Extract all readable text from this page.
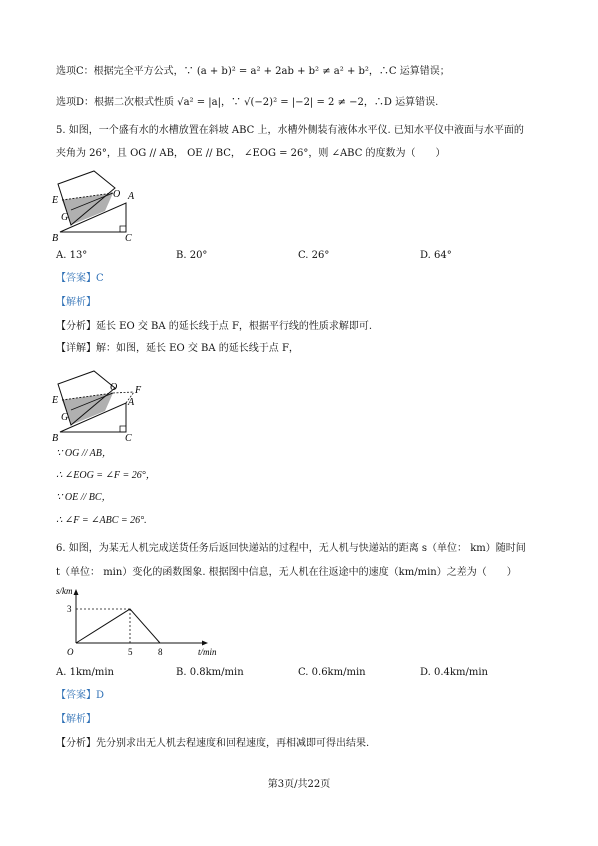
选项C：根据完全平方公式，∵ (a + b)² = a² + 2ab + b² ≠ a² + b²，∴C 运算错误；
选项D：根据二次根式性质 √a² = |a|，∵ √(−2)² = |−2| = 2 ≠ −2，∴D 运算错误.
5. 如图，一个盛有水的水槽放置在斜坡 ABC 上，水槽外侧装有液体水平仪. 已知水平仪中液面与水平面的
夹角为 26°，且 OG // AB， OE // BC， ∠EOG = 26°，则 ∠ABC 的度数为（　　）
E
O A
G
B	C
A. 13°	B. 20°	C. 26°	D. 64°
【答案】C
【解析】
【分析】延长 EO 交 BA 的延长线于点 F，根据平行线的性质求解即可.
【详解】解：如图，延长 EO 交 BA 的延长线于点 F，
E
O F
A
G
B	C
∵ OG // AB，
∴ ∠EOG = ∠F = 26°，
∵ OE // BC，
∴ ∠F = ∠ABC = 26°.
6. 如图，为某无人机完成送货任务后返回快递站的过程中，无人机与快递站的距离 s（单位： km）随时间
t（单位： min）变化的函数图象. 根据图中信息，无人机在往返途中的速度（km/min）之差为（　　）
s/km
t/min
3
O	5	8
A. 1km/min	B. 0.8km/min	C. 0.6km/min	D. 0.4km/min
【答案】D
【解析】
【分析】先分别求出无人机去程速度和回程速度，再相减即可得出结果.
第3页/共22页
